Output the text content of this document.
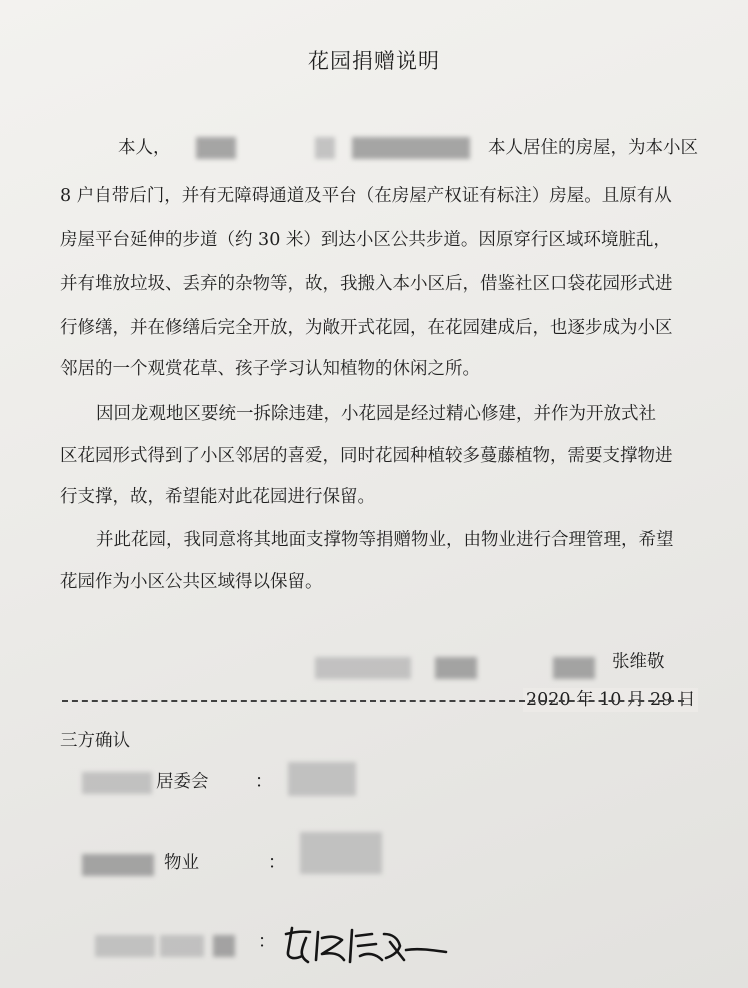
花园捐赠说明
本人，	本人居住的房屋，为本小区
8 户自带后门，并有无障碍通道及平台（在房屋产权证有标注）房屋。且原有从
房屋平台延伸的步道（约 30 米）到达小区公共步道。因原穿行区域环境脏乱，
并有堆放垃圾、丢弃的杂物等，故，我搬入本小区后，借鉴社区口袋花园形式进
行修缮，并在修缮后完全开放，为敞开式花园，在花园建成后，也逐步成为小区
邻居的一个观赏花草、孩子学习认知植物的休闲之所。
因回龙观地区要统一拆除违建，小花园是经过精心修建，并作为开放式社
区花园形式得到了小区邻居的喜爱，同时花园种植较多蔓藤植物，需要支撑物进
行支撑，故，希望能对此花园进行保留。
并此花园，我同意将其地面支撑物等捐赠物业，由物业进行合理管理，希望
花园作为小区公共区域得以保留。
张维敬
2020 年 10 月 29 日
三方确认
居委会	：
物业	：
：
